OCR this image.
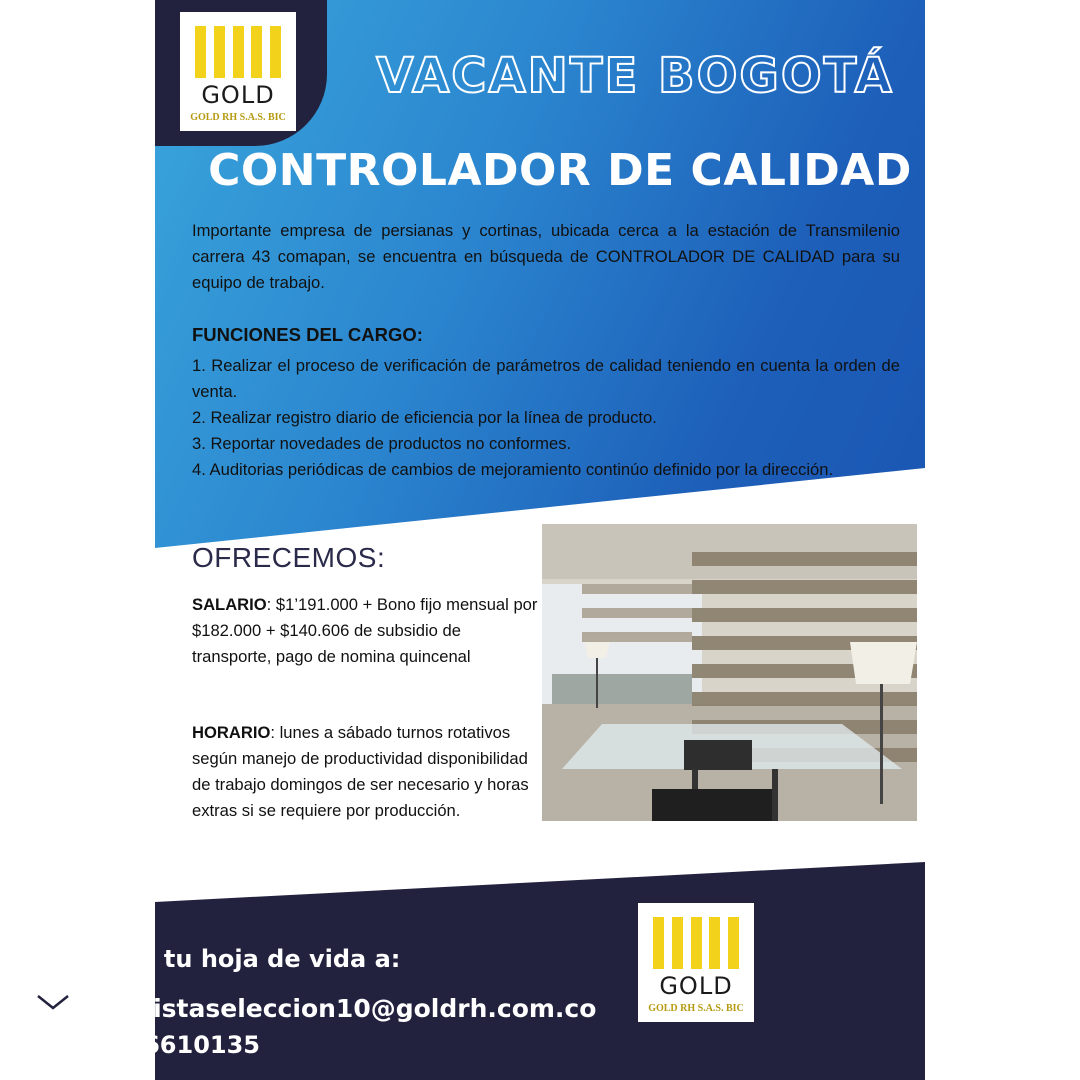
GOLD
GOLD RH S.A.S. BIC
VACANTE BOGOTÁ
CONTROLADOR DE CALIDAD
Importante empresa de persianas y cortinas, ubicada cerca a la estación de Transmilenio carrera 43 comapan, se encuentra en búsqueda de CONTROLADOR DE CALIDAD para su equipo de trabajo.
FUNCIONES DEL CARGO:
1. Realizar el proceso de verificación de parámetros de calidad teniendo en cuenta la orden de venta.
2. Realizar registro diario de eficiencia por la línea de producto.
3. Reportar novedades de productos no conformes.
4. Auditorias periódicas de cambios de mejoramiento continúo definido por la dirección.
OFRECEMOS:
SALARIO: $1’191.000 + Bono fijo mensual por $182.000 + $140.606 de subsidio de transporte, pago de nomina quincenal
HORARIO: lunes a sábado turnos rotativos según manejo de productividad disponibilidad de trabajo domingos de ser necesario y horas extras si se requiere por producción.
GOLD
GOLD RH S.A.S. BIC
Envía tu hoja de vida a:
analistaseleccion10@goldrh.com.co
3176610135
